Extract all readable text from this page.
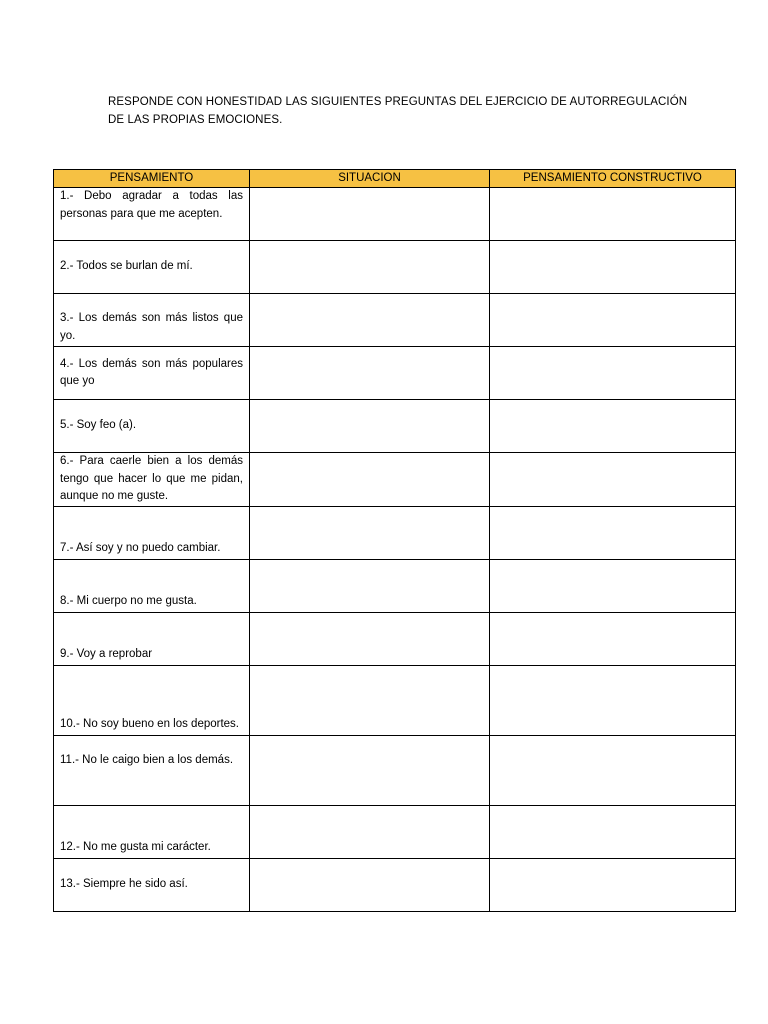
RESPONDE CON HONESTIDAD LAS SIGUIENTES PREGUNTAS DEL EJERCICIO DE AUTORREGULACIÓN
DE LAS PROPIAS EMOCIONES.
PENSAMIENTO	SITUACION	PENSAMIENTO CONSTRUCTIVO
1.- Debo agradar a todas las personas para que me acepten.		
2.- Todos se burlan de mí.		
3.- Los demás son más listos que yo.		
4.- Los demás son más populares que yo		
5.- Soy feo (a).		
6.- Para caerle bien a los demás tengo que hacer lo que me pidan, aunque no me guste.		
7.- Así soy y no puedo cambiar.		
8.- Mi cuerpo no me gusta.		
9.- Voy a reprobar		
10.- No soy bueno en los deportes.		
11.- No le caigo bien a los demás.		
12.- No me gusta mi carácter.		
13.- Siempre he sido así.		
